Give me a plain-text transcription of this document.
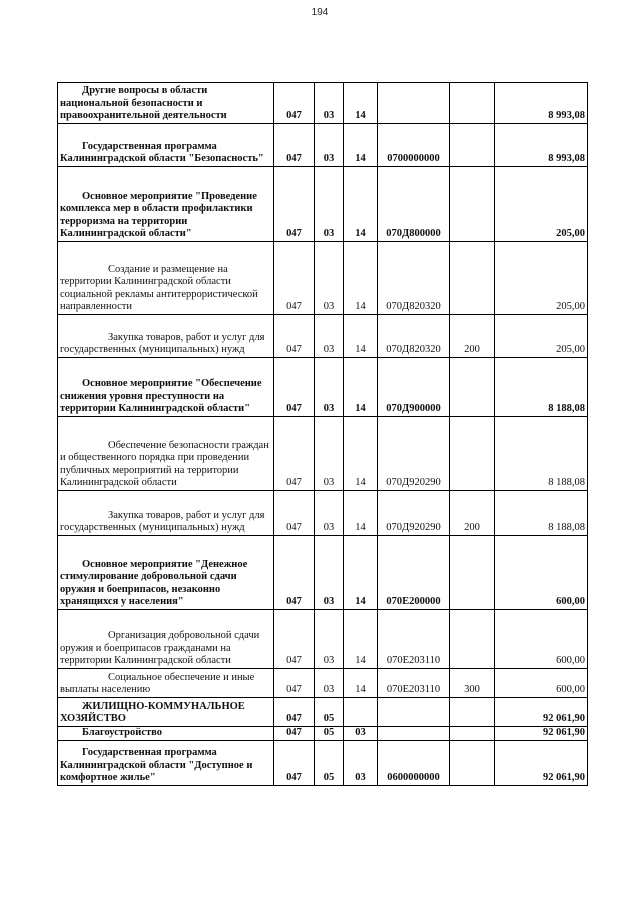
194
Другие вопросы в области национальной безопасности и правоохранительной деятельности	047	03	14			8 993,08
Государственная программа Калининградской области "Безопасность"	047	03	14	0700000000		8 993,08
Основное мероприятие "Проведение комплекса мер в области профилактики терроризма на территории Калининградской области"	047	03	14	070Д800000		205,00
Создание и размещение на территории Калининградской области социальной рекламы антитеррористической направленности	047	03	14	070Д820320		205,00
Закупка товаров, работ и услуг для государственных (муниципальных) нужд	047	03	14	070Д820320	200	205,00
Основное мероприятие "Обеспечение снижения уровня преступности на территории Калининградской области"	047	03	14	070Д900000		8 188,08
Обеспечение безопасности граждан и общественного порядка при проведении публичных мероприятий на территории Калининградской области	047	03	14	070Д920290		8 188,08
Закупка товаров, работ и услуг для государственных (муниципальных) нужд	047	03	14	070Д920290	200	8 188,08
Основное мероприятие "Денежное стимулирование добровольной сдачи оружия и боеприпасов, незаконно хранящихся у населения"	047	03	14	070Е200000		600,00
Организация добровольной сдачи оружия и боеприпасов гражданами на территории Калининградской области	047	03	14	070Е203110		600,00
Социальное обеспечение и иные выплаты населению	047	03	14	070Е203110	300	600,00
ЖИЛИЩНО-КОММУНАЛЬНОЕ ХОЗЯЙСТВО	047	05				92 061,90
Благоустройство	047	05	03			92 061,90
Государственная программа Калининградской области "Доступное и комфортное жилье"	047	05	03	0600000000		92 061,90
